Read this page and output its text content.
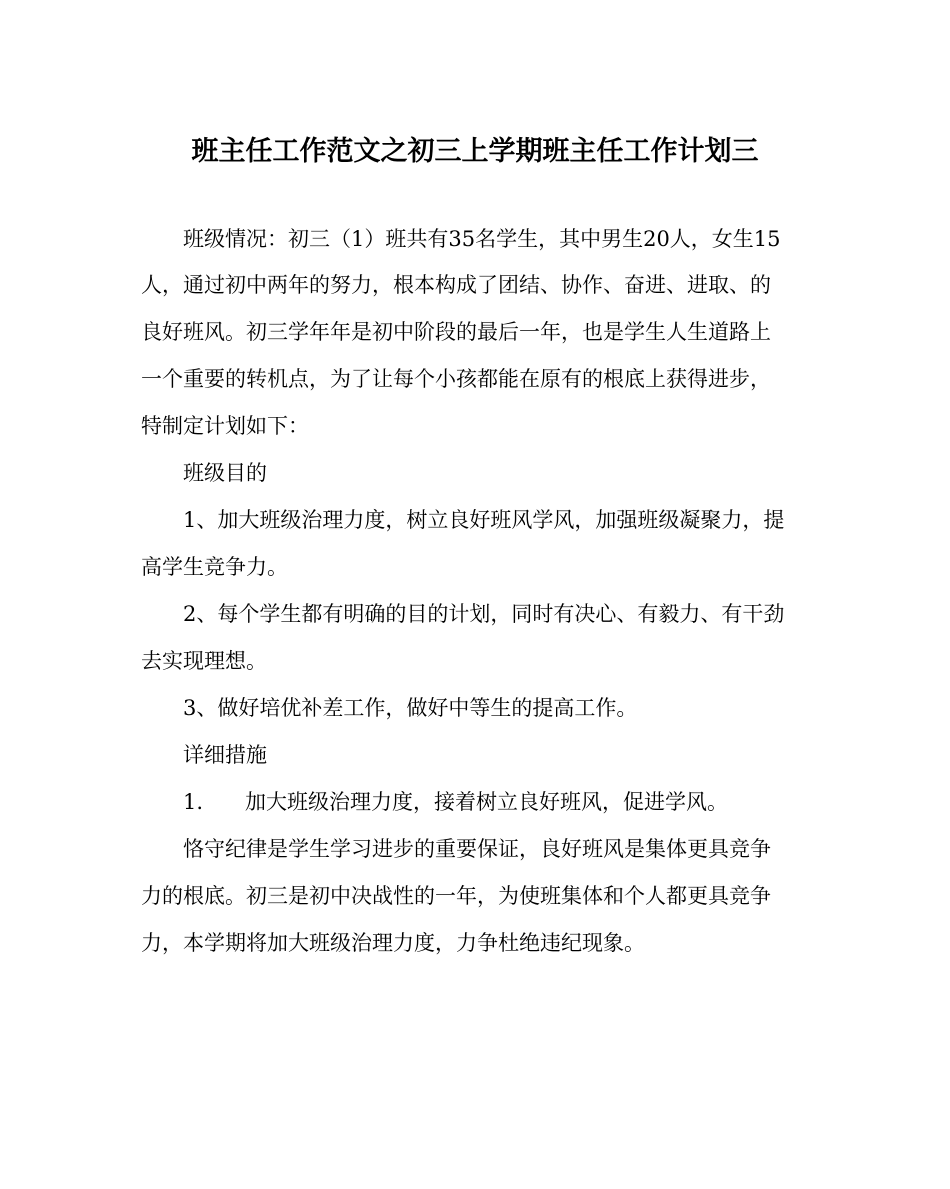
班主任工作范文之初三上学期班主任工作计划三
班级情况：初三（1）班共有35名学生，其中男生20人，女生15
人，通过初中两年的努力，根本构成了团结、协作、奋进、进取、的
良好班风。初三学年年是初中阶段的最后一年，也是学生人生道路上
一个重要的转机点，为了让每个小孩都能在原有的根底上获得进步，
特制定计划如下：
班级目的
1、加大班级治理力度，树立良好班风学风，加强班级凝聚力，提
高学生竞争力。
2、每个学生都有明确的目的计划，同时有决心、有毅力、有干劲
去实现理想。
3、做好培优补差工作，做好中等生的提高工作。
详细措施
1. 加大班级治理力度，接着树立良好班风，促进学风。
恪守纪律是学生学习进步的重要保证，良好班风是集体更具竞争
力的根底。初三是初中决战性的一年，为使班集体和个人都更具竞争
力，本学期将加大班级治理力度，力争杜绝违纪现象。
